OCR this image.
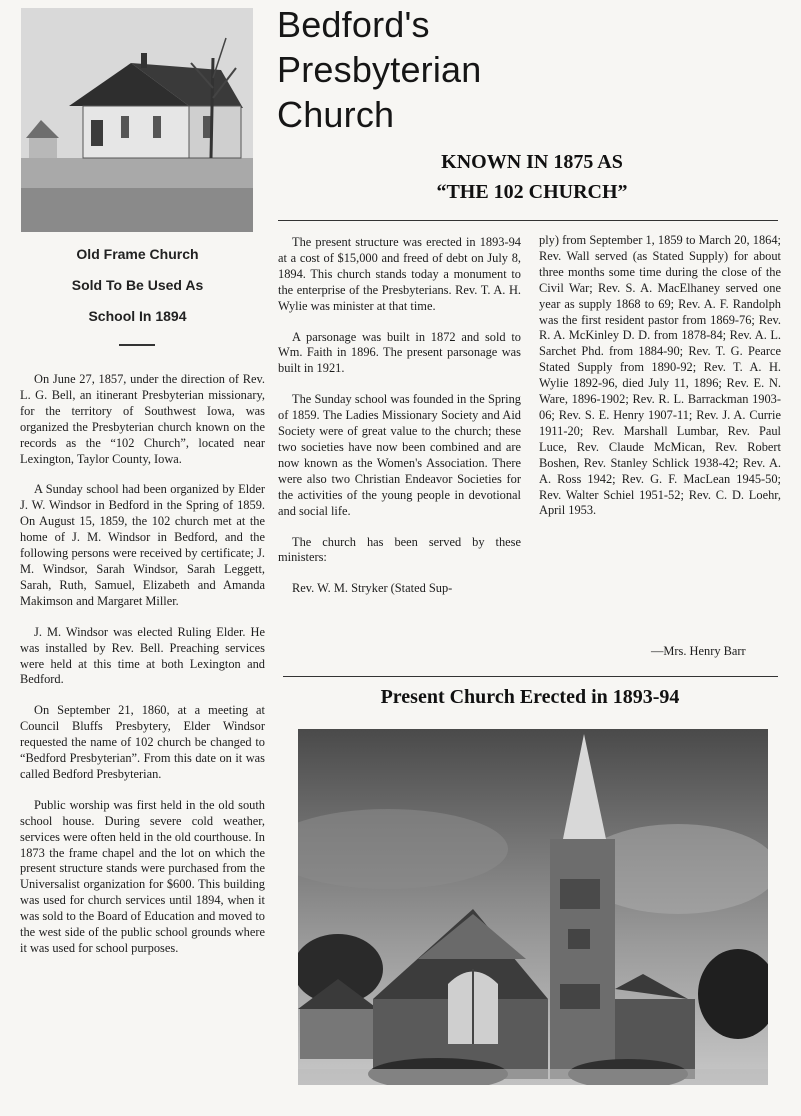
Bedford's
Presbyterian
Church
KNOWN IN 1875 AS
“THE 102 CHURCH”
Old Frame Church
Sold To Be Used As
School In 1894

On June 27, 1857, under the direction of Rev. L. G. Bell, an itinerant Presbyterian missionary, for the territory of Southwest Iowa, was organized the Presbyterian church known on the records as the “102 Church”, located near Lexington, Taylor County, Iowa.

A Sunday school had been organized by Elder J. W. Windsor in Bedford in the Spring of 1859. On August 15, 1859, the 102 church met at the home of J. M. Windsor in Bedford, and the following persons were received by certificate; J. M. Windsor, Sarah Windsor, Sarah Leggett, Sarah, Ruth, Samuel, Elizabeth and Amanda Makimson and Margaret Miller.

J. M. Windsor was elected Ruling Elder. He was installed by Rev. Bell. Preaching services were held at this time at both Lexington and Bedford.

On September 21, 1860, at a meeting at Council Bluffs Presbytery, Elder Windsor requested the name of 102 church be changed to “Bedford Presbyterian”. From this date on it was called Bedford Presbyterian.

Public worship was first held in the old south school house. During severe cold weather, services were often held in the old courthouse. In 1873 the frame chapel and the lot on which the present structure stands were purchased from the Universalist organization for $600. This building was used for church services until 1894, when it was sold to the Board of Education and moved to the west side of the public school grounds where it was used for school purposes.

The present structure was erected in 1893-94 at a cost of $15,000 and freed of debt on July 8, 1894. This church stands today a monument to the enterprise of the Presbyterians. Rev. T. A. H. Wylie was minister at that time.

A parsonage was built in 1872 and sold to Wm. Faith in 1896. The present parsonage was built in 1921.

The Sunday school was founded in the Spring of 1859. The Ladies Missionary Society and Aid Society were of great value to the church; these two societies have now been combined and are now known as the Women's Association. There were also two Christian Endeavor Societies for the activities of the young people in devotional and social life.

The church has been served by these ministers:

Rev. W. M. Stryker (Stated Sup-

ply) from September 1, 1859 to March 20, 1864; Rev. Wall served (as Stated Supply) for about three months some time during the close of the Civil War; Rev. S. A. MacElhaney served one year as supply 1868 to 69; Rev. A. F. Randolph was the first resident pastor from 1869-76; Rev. R. A. McKinley D. D. from 1878-84; Rev. A. L. Sarchet Phd. from 1884-90; Rev. T. G. Pearce Stated Supply from 1890-92; Rev. T. A. H. Wylie 1892-96, died July 11, 1896; Rev. E. N. Ware, 1896-1902; Rev. R. L. Barrackman 1903-06; Rev. S. E. Henry 1907-11; Rev. J. A. Currie 1911-20; Rev. Marshall Lumbar, Rev. Paul Luce, Rev. Claude McMican, Rev. Robert Boshen, Rev. Stanley Schlick 1938-42; Rev. A. A. Ross 1942; Rev. G. F. MacLean 1945-50; Rev. Walter Schiel 1951-52; Rev. C. D. Loehr, April 1953.

—Mrs. Henry Barr
Present Church Erected in 1893-94
